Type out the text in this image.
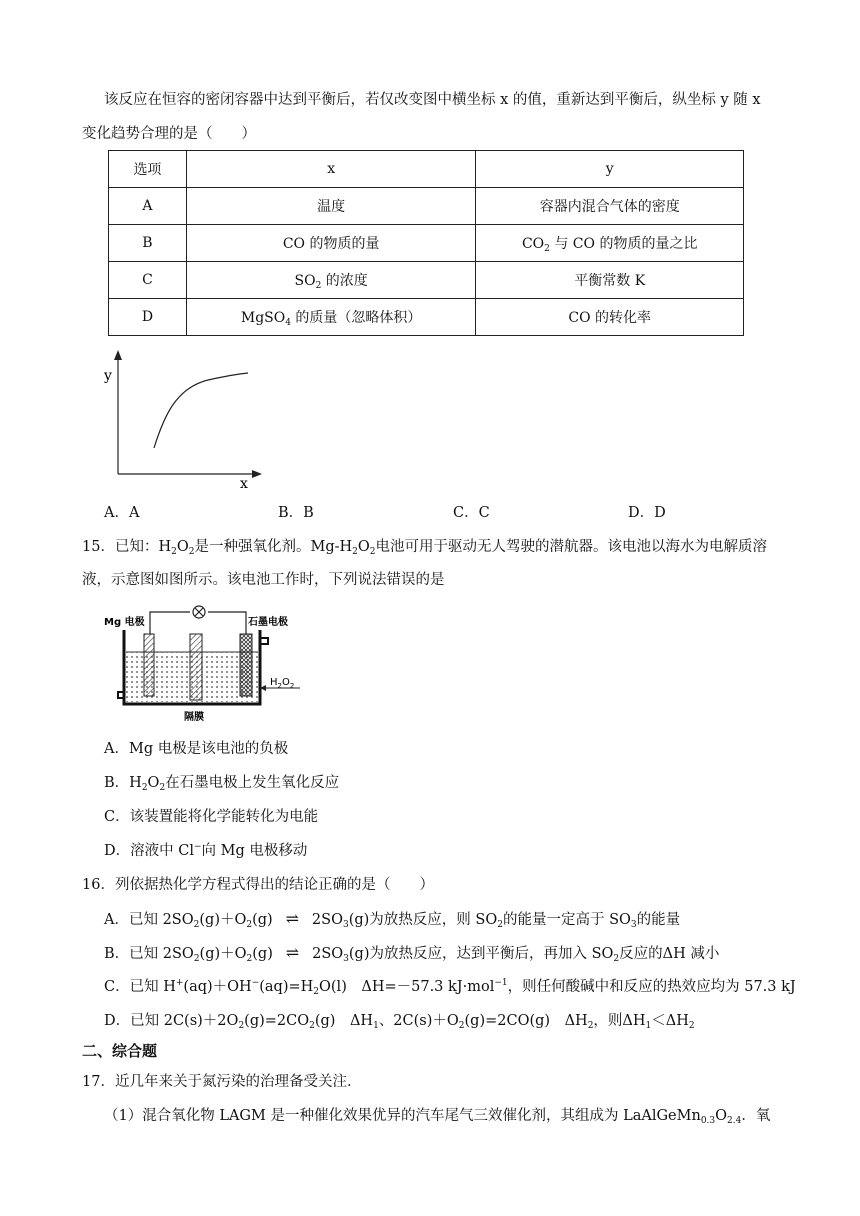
该反应在恒容的密闭容器中达到平衡后，若仅改变图中横坐标 x 的值，重新达到平衡后，纵坐标 y 随 x
变化趋势合理的是（　　）
选项	x	y
A	温度	容器内混合气体的密度
B	CO 的物质的量	$CO_2$ 与 CO 的物质的量之比
C	$SO_2$ 的浓度	平衡常数 K
D	MgSO$_4$ 的质量（忽略体积）	CO 的转化率
y
x
A．A	B．B	C．C	D．D
15．已知：$H_2O_2$是一种强氧化剂。$Mg-H_2O_2$电池可用于驱动无人驾驶的潜航器。该电池以海水为电解质溶
液，示意图如图所示。该电池工作时，下列说法错误的是
Mg 电极	石墨电极
$H_2O_2$
隔膜
A．Mg 电极是该电池的负极
B．$H_2O_2$在石墨电极上发生氧化反应
C．该装置能将化学能转化为电能
D．溶液中 Cl−向 Mg 电极移动
16．列依据热化学方程式得出的结论正确的是（　　）
A．已知 $2SO_2(g)+O_2(g)$ ⇌ $2SO_3(g)$为放热反应，则 $SO_2$的能量一定高于 $SO_3$的能量
B．已知 $2SO_2(g)+O_2(g)$ ⇌ $2SO_3(g)$为放热反应，达到平衡后，再加入 $SO_2$反应的ΔH 减小
C．已知 $H^+(aq)+OH^-(aq)=H_2O(l)$　ΔH=－57.3 kJ·mol$^{-1}$，则任何酸碱中和反应的热效应均为 57.3 kJ
D．已知 $2C(s)+2O_2(g)=2CO_2(g)$　$\Delta H_1$、$2C(s)+O_2(g)=2CO(g)$　$\Delta H_2$，则$\Delta H_1<\Delta H_2$
二、综合题
17．近几年来关于氮污染的治理备受关注．
（1）混合氧化物 LAGM 是一种催化效果优异的汽车尾气三效催化剂，其组成为 $LaAlGeMn_{0.3}O_{2.4}$．氧
